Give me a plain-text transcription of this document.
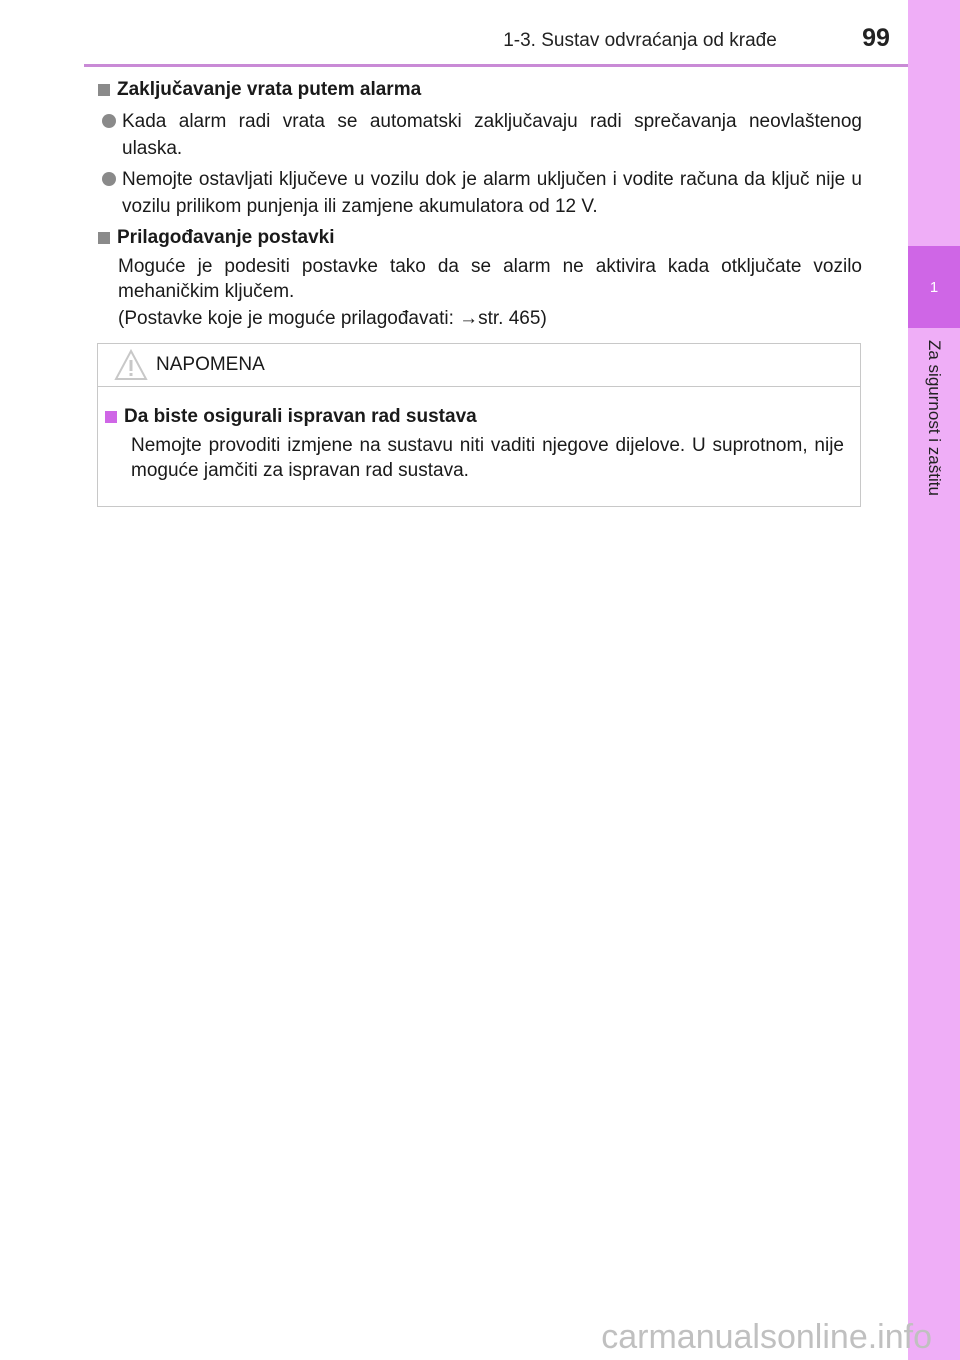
1-3. Sustav odvraćanja od krađe	99
1
Za sigurnost i zaštitu
Zaključavanje vrata putem alarma
Kada alarm radi vrata se automatski zaključavaju radi sprečavanja neovlaštenog ulaska.
Nemojte ostavljati ključeve u vozilu dok je alarm uključen i vodite računa da ključ nije u vozilu prilikom punjenja ili zamjene akumulatora od 12 V.
Prilagođavanje postavki
Moguće je podesiti postavke tako da se alarm ne aktivira kada otključate vozilo mehaničkim ključem.
(Postavke koje je moguće prilagođavati: →str. 465)
NAPOMENA
Da biste osigurali ispravan rad sustava
Nemojte provoditi izmjene na sustavu niti vaditi njegove dijelove. U suprotnom, nije moguće jamčiti za ispravan rad sustava.
carmanualsonline.info
